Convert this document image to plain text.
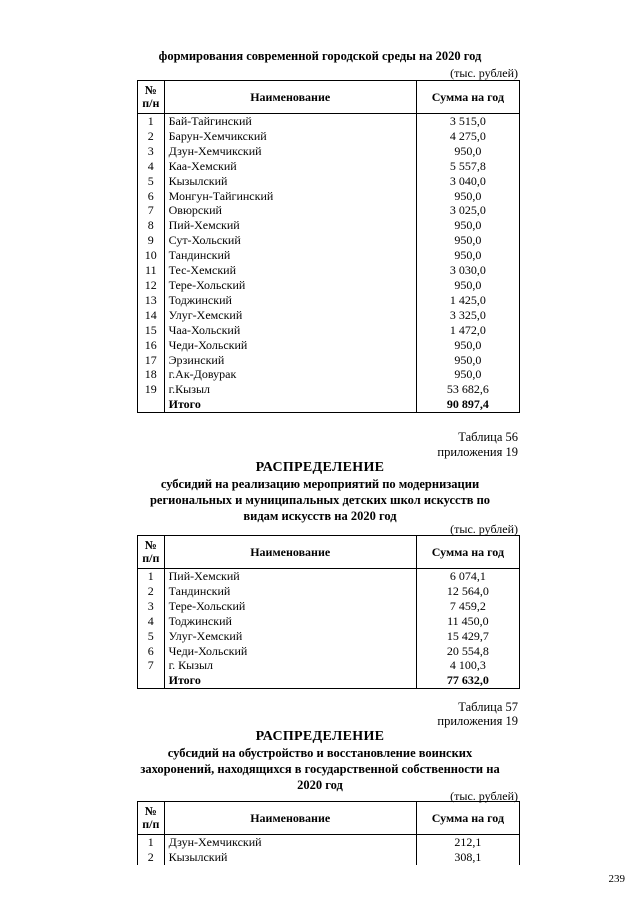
формирования современной городской среды на 2020 год
(тыс. рублей)
№
п/н	Наименование	Сумма на год
1	Бай-Тайгинский	3 515,0
2	Барун-Хемчикский	4 275,0
3	Дзун-Хемчикский	950,0
4	Каа-Хемский	5 557,8
5	Кызылский	3 040,0
6	Монгун-Тайгинский	950,0
7	Овюрский	3 025,0
8	Пий-Хемский	950,0
9	Сут-Хольский	950,0
10	Тандинский	950,0
11	Тес-Хемский	3 030,0
12	Тере-Хольский	950,0
13	Тоджинский	1 425,0
14	Улуг-Хемский	3 325,0
15	Чаа-Хольский	1 472,0
16	Чеди-Хольский	950,0
17	Эрзинский	950,0
18	г.Ак-Довурак	950,0
19	г.Кызыл	53 682,6
	Итого	90 897,4
Таблица 56
приложения 19
РАСПРЕДЕЛЕНИЕ
субсидий на реализацию мероприятий по модернизации
региональных и муниципальных детских школ искусств по
видам искусств на 2020 год
(тыс. рублей)
№
п/п	Наименование	Сумма на год
1	Пий-Хемский	6 074,1
2	Тандинский	12 564,0
3	Тере-Хольский	7 459,2
4	Тоджинский	11 450,0
5	Улуг-Хемский	15 429,7
6	Чеди-Хольский	20 554,8
7	г. Кызыл	4 100,3
	Итого	77 632,0
Таблица 57
приложения 19
РАСПРЕДЕЛЕНИЕ
субсидий на обустройство и восстановление воинских
захоронений, находящихся в государственной собственности на
2020 год
(тыс. рублей)
№
п/п	Наименование	Сумма на год
1	Дзун-Хемчикский	212,1
2	Кызылский	308,1
239
